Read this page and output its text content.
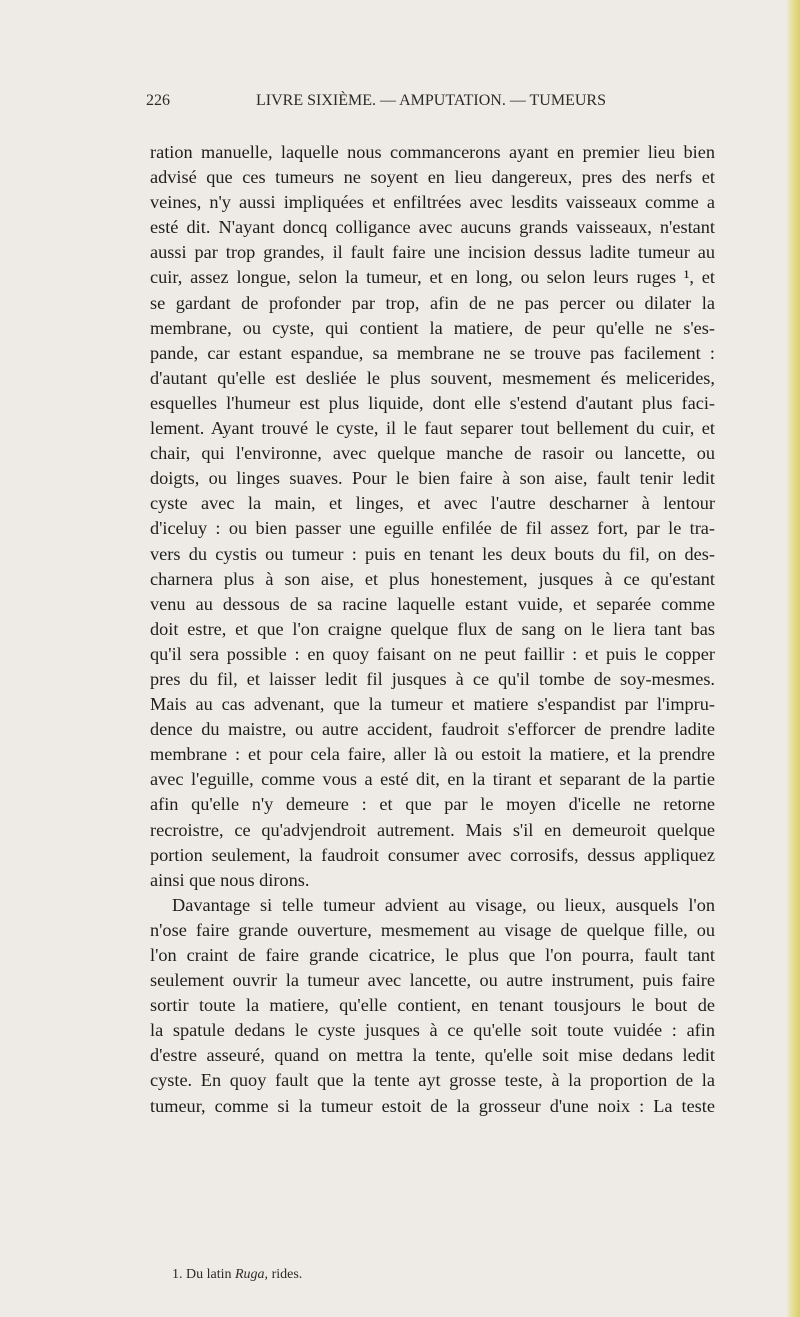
226	LIVRE SIXIÈME. — AMPUTATION. — TUMEURS
ration manuelle, laquelle nous commancerons ayant en premier lieu bien
advisé que ces tumeurs ne soyent en lieu dangereux, pres des nerfs et
veines, n'y aussi impliquées et enfiltrées avec lesdits vaisseaux comme a
esté dit. N'ayant doncq colligance avec aucuns grands vaisseaux, n'estant
aussi par trop grandes, il fault faire une incision dessus ladite tumeur au
cuir, assez longue, selon la tumeur, et en long, ou selon leurs ruges ¹, et
se gardant de profonder par trop, afin de ne pas percer ou dilater la
membrane, ou cyste, qui contient la matiere, de peur qu'elle ne s'es-
pande, car estant espandue, sa membrane ne se trouve pas facilement :
d'autant qu'elle est desliée le plus souvent, mesmement és melicerides,
esquelles l'humeur est plus liquide, dont elle s'estend d'autant plus faci-
lement. Ayant trouvé le cyste, il le faut separer tout bellement du cuir, et
chair, qui l'environne, avec quelque manche de rasoir ou lancette, ou
doigts, ou linges suaves. Pour le bien faire à son aise, fault tenir ledit
cyste avec la main, et linges, et avec l'autre descharner à lentour
d'iceluy : ou bien passer une eguille enfilée de fil assez fort, par le tra-
vers du cystis ou tumeur : puis en tenant les deux bouts du fil, on des-
charnera plus à son aise, et plus honestement, jusques à ce qu'estant
venu au dessous de sa racine laquelle estant vuide, et separée comme
doit estre, et que l'on craigne quelque flux de sang on le liera tant bas
qu'il sera possible : en quoy faisant on ne peut faillir : et puis le copper
pres du fil, et laisser ledit fil jusques à ce qu'il tombe de soy-mesmes.
Mais au cas advenant, que la tumeur et matiere s'espandist par l'impru-
dence du maistre, ou autre accident, faudroit s'efforcer de prendre ladite
membrane : et pour cela faire, aller là ou estoit la matiere, et la prendre
avec l'eguille, comme vous a esté dit, en la tirant et separant de la partie
afin qu'elle n'y demeure : et que par le moyen d'icelle ne retorne
recroistre, ce qu'advjendroit autrement. Mais s'il en demeuroit quelque
portion seulement, la faudroit consumer avec corrosifs, dessus appliquez
ainsi que nous dirons.
Davantage si telle tumeur advient au visage, ou lieux, ausquels l'on
n'ose faire grande ouverture, mesmement au visage de quelque fille, ou
l'on craint de faire grande cicatrice, le plus que l'on pourra, fault tant
seulement ouvrir la tumeur avec lancette, ou autre instrument, puis faire
sortir toute la matiere, qu'elle contient, en tenant tousjours le bout de
la spatule dedans le cyste jusques à ce qu'elle soit toute vuidée : afin
d'estre asseuré, quand on mettra la tente, qu'elle soit mise dedans ledit
cyste. En quoy fault que la tente ayt grosse teste, à la proportion de la
tumeur, comme si la tumeur estoit de la grosseur d'une noix : La teste
1. Du latin Ruga, rides.
